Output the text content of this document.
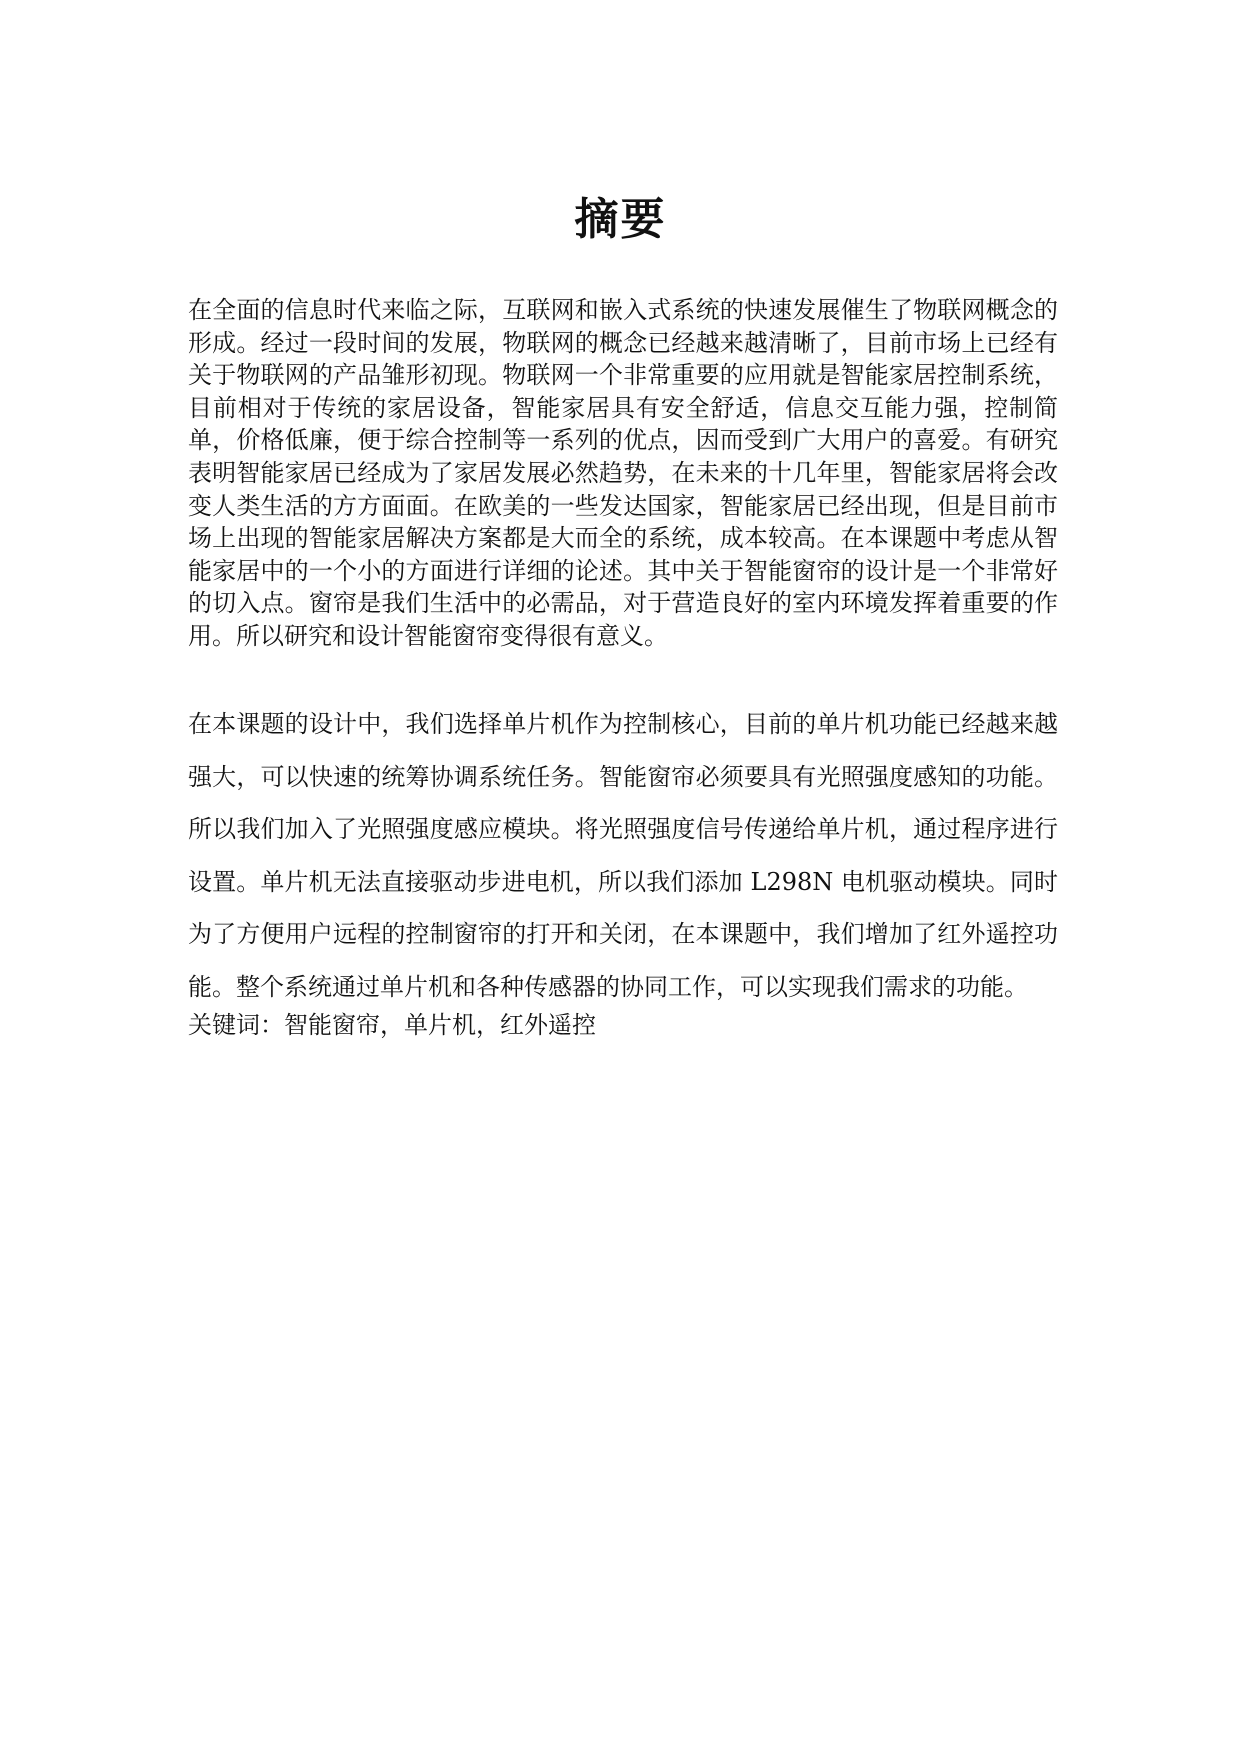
摘要

在全面的信息时代来临之际，互联网和嵌入式系统的快速发展催生了物联网概念的形成。经过一段时间的发展，物联网的概念已经越来越清晰了，目前市场上已经有关于物联网的产品雏形初现。物联网一个非常重要的应用就是智能家居控制系统，目前相对于传统的家居设备，智能家居具有安全舒适，信息交互能力强，控制简单，价格低廉，便于综合控制等一系列的优点，因而受到广大用户的喜爱。有研究表明智能家居已经成为了家居发展必然趋势，在未来的十几年里，智能家居将会改变人类生活的方方面面。在欧美的一些发达国家，智能家居已经出现，但是目前市场上出现的智能家居解决方案都是大而全的系统，成本较高。在本课题中考虑从智能家居中的一个小的方面进行详细的论述。其中关于智能窗帘的设计是一个非常好的切入点。窗帘是我们生活中的必需品，对于营造良好的室内环境发挥着重要的作用。所以研究和设计智能窗帘变得很有意义。

在本课题的设计中，我们选择单片机作为控制核心，目前的单片机功能已经越来越强大，可以快速的统筹协调系统任务。智能窗帘必须要具有光照强度感知的功能。所以我们加入了光照强度感应模块。将光照强度信号传递给单片机，通过程序进行设置。单片机无法直接驱动步进电机，所以我们添加 L298N 电机驱动模块。同时为了方便用户远程的控制窗帘的打开和关闭，在本课题中，我们增加了红外遥控功能。整个系统通过单片机和各种传感器的协同工作，可以实现我们需求的功能。

关键词：智能窗帘，单片机，红外遥控
